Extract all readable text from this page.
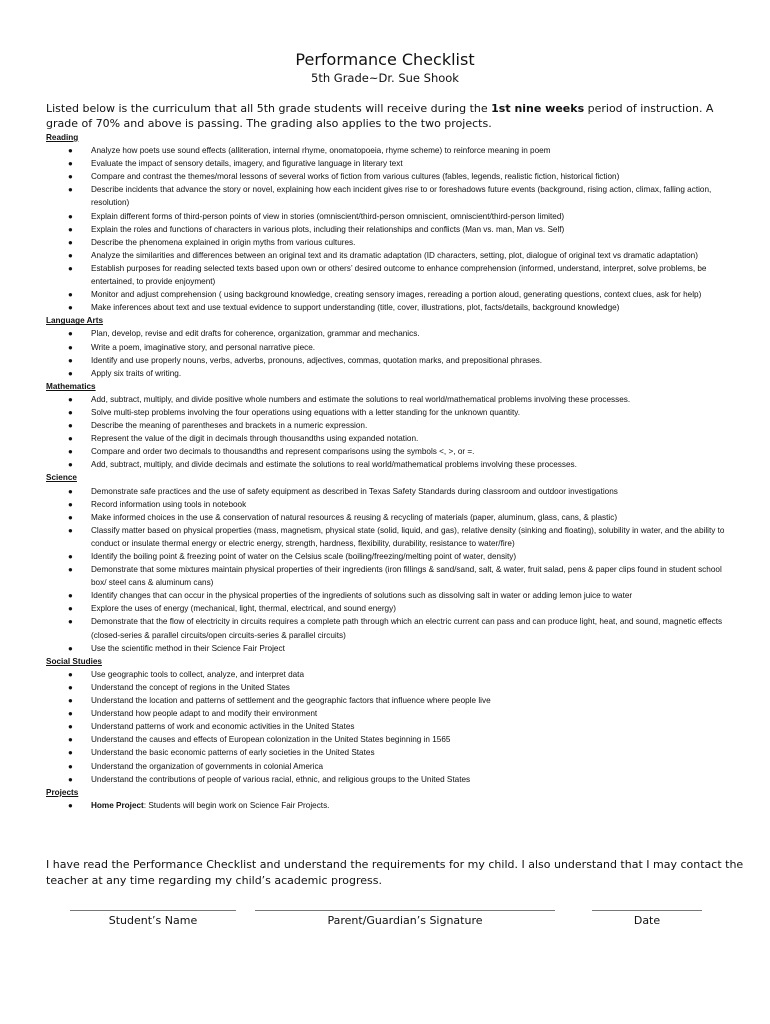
Performance Checklist
5th Grade~Dr. Sue Shook
Listed below is the curriculum that all 5th grade students will receive during the 1st nine weeks period of instruction. A grade of 70% and above is passing. The grading also applies to the two projects.
Reading
● Analyze how poets use sound effects (alliteration, internal rhyme, onomatopoeia, rhyme scheme) to reinforce meaning in poem
● Evaluate the impact of sensory details, imagery, and figurative language in literary text
● Compare and contrast the themes/moral lessons of several works of fiction from various cultures (fables, legends, realistic fiction, historical fiction)
● Describe incidents that advance the story or novel, explaining how each incident gives rise to or foreshadows future events (background, rising action, climax, falling action, resolution)
● Explain different forms of third-person points of view in stories (omniscient/third-person omniscient, omniscient/third-person limited)
● Explain the roles and functions of characters in various plots, including their relationships and conflicts (Man vs. man, Man vs. Self)
● Describe the phenomena explained in origin myths from various cultures.
● Analyze the similarities and differences between an original text and its dramatic adaptation (ID characters, setting, plot, dialogue of original text vs dramatic adaptation)
● Establish purposes for reading selected texts based upon own or others’ desired outcome to enhance comprehension (informed, understand, interpret, solve problems, be entertained, to provide enjoyment)
● Monitor and adjust comprehension ( using background knowledge, creating sensory images, rereading a portion aloud, generating questions, context clues, ask for help)
● Make inferences about text and use textual evidence to support understanding (title, cover, illustrations, plot, facts/details, background knowledge)
Language Arts
● Plan, develop, revise and edit drafts for coherence, organization, grammar and mechanics.
● Write a poem, imaginative story, and personal narrative piece.
● Identify and use properly nouns, verbs, adverbs, pronouns, adjectives, commas, quotation marks, and prepositional phrases.
● Apply six traits of writing.
Mathematics
● Add, subtract, multiply, and divide positive whole numbers and estimate the solutions to real world/mathematical problems involving these processes.
● Solve multi-step problems involving the four operations using equations with a letter standing for the unknown quantity.
● Describe the meaning of parentheses and brackets in a numeric expression.
● Represent the value of the digit in decimals through thousandths using expanded notation.
● Compare and order two decimals to thousandths and represent comparisons using the symbols <, >, or =.
● Add, subtract, multiply, and divide decimals and estimate the solutions to real world/mathematical problems involving these processes.
Science
● Demonstrate safe practices and the use of safety equipment as described in Texas Safety Standards during classroom and outdoor investigations
● Record information using tools in notebook
● Make informed choices in the use & conservation of natural resources & reusing & recycling of materials (paper, aluminum, glass, cans, & plastic)
● Classify matter based on physical properties (mass, magnetism, physical state (solid, liquid, and gas), relative density (sinking and floating), solubility in water, and the ability to conduct or insulate thermal energy or electric energy, strength, hardness, flexibility, durability, resistance to water/fire)
● Identify the boiling point & freezing point of water on the Celsius scale (boiling/freezing/melting point of water, density)
● Demonstrate that some mixtures maintain physical properties of their ingredients (iron fillings & sand/sand, salt, & water, fruit salad, pens & paper clips found in student school box/ steel cans & aluminum cans)
● Identify changes that can occur in the physical properties of the ingredients of solutions such as dissolving salt in water or adding lemon juice to water
● Explore the uses of energy (mechanical, light, thermal, electrical, and sound energy)
● Demonstrate that the flow of electricity in circuits requires a complete path through which an electric current can pass and can produce light, heat, and sound, magnetic effects (closed-series & parallel circuits/open circuits-series & parallel circuits)
● Use the scientific method in their Science Fair Project
Social Studies
● Use geographic tools to collect, analyze, and interpret data
● Understand the concept of regions in the United States
● Understand the location and patterns of settlement and the geographic factors that influence where people live
● Understand how people adapt to and modify their environment
● Understand patterns of work and economic activities in the United States
● Understand the causes and effects of European colonization in the United States beginning in 1565
● Understand the basic economic patterns of early societies in the United States
● Understand the organization of governments in colonial America
● Understand the contributions of people of various racial, ethnic, and religious groups to the United States
Projects
● Home Project: Students will begin work on Science Fair Projects.
I have read the Performance Checklist and understand the requirements for my child. I also understand that I may contact the teacher at any time regarding my child’s academic progress.
Student’s Name	Parent/Guardian’s Signature	Date
